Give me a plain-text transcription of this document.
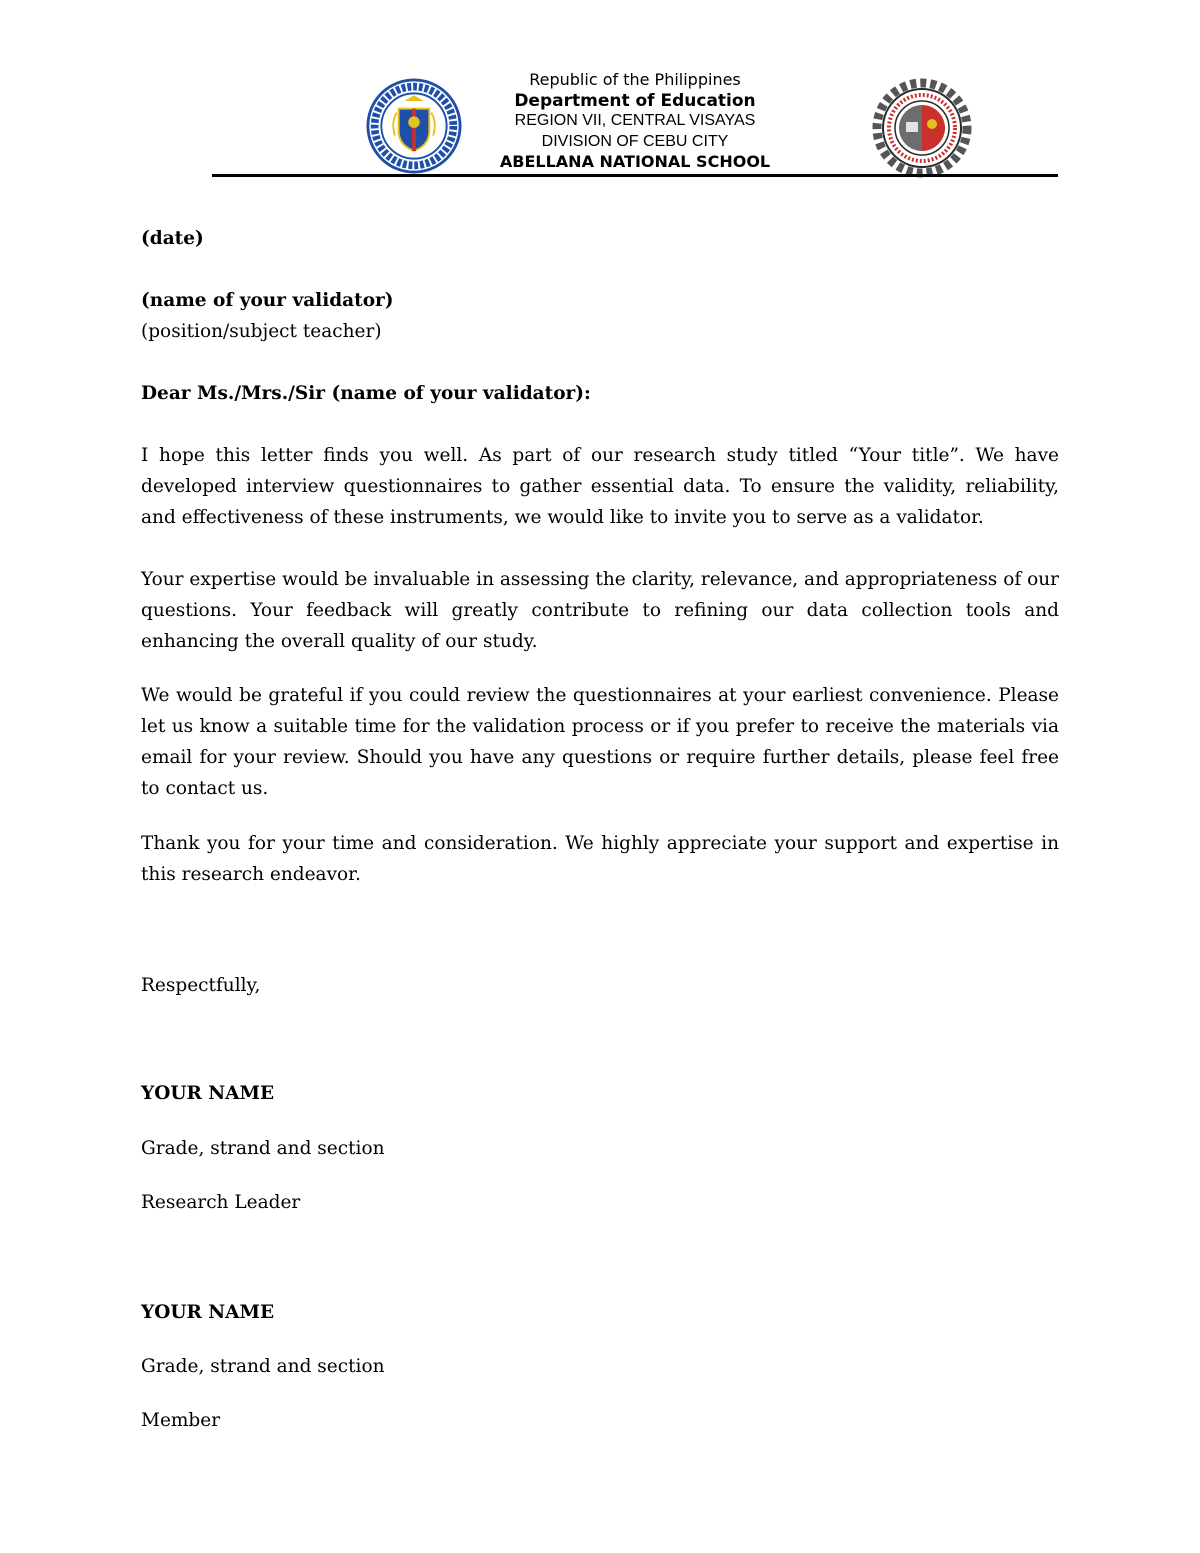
Republic of the Philippines
Department of Education
REGION VII, CENTRAL VISAYAS
DIVISION OF CEBU CITY
ABELLANA NATIONAL SCHOOL
(date)
(name of your validator)
(position/subject teacher)
Dear Ms./Mrs./Sir (name of your validator):

I hope this letter finds you well. As part of our research study titled “Your title”. We have developed interview questionnaires to gather essential data. To ensure the validity, reliability, and effectiveness of these instruments, we would like to invite you to serve as a validator.

Your expertise would be invaluable in assessing the clarity, relevance, and appropriateness of our questions. Your feedback will greatly contribute to refining our data collection tools and enhancing the overall quality of our study.

We would be grateful if you could review the questionnaires at your earliest convenience. Please let us know a suitable time for the validation process or if you prefer to receive the materials via email for your review. Should you have any questions or require further details, please feel free to contact us.

Thank you for your time and consideration. We highly appreciate your support and expertise in this research endeavor.

Respectfully,
YOUR NAME
Grade, strand and section
Research Leader
YOUR NAME
Grade, strand and section
Member
